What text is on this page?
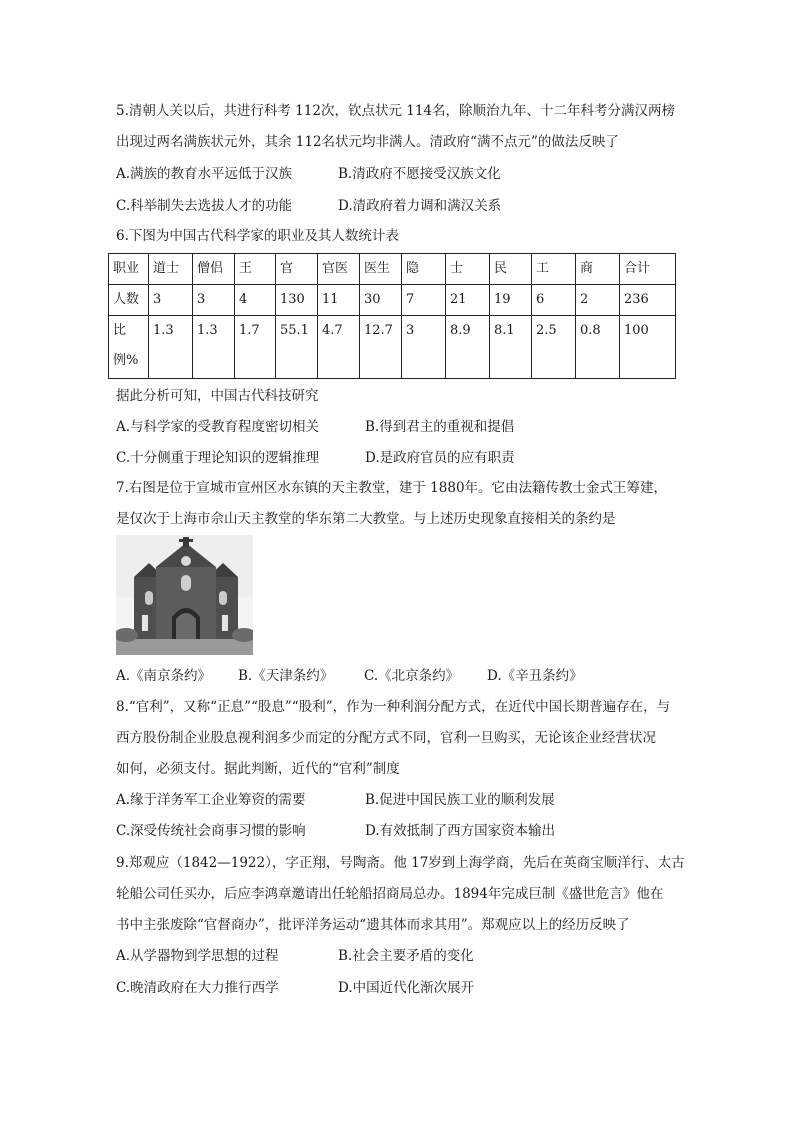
5.清朝人关以后，共进行科考 112次，钦点状元 114名，除顺治九年、十二年科考分满汉两榜
出现过两名满族状元外，其余 112名状元均非满人。清政府“满不点元”的做法反映了
A.满族的教育水平远低于汉族	B.清政府不愿接受汉族文化
C.科举制失去选拔人才的功能	D.清政府着力调和满汉关系
6.下图为中国古代科学家的职业及其人数统计表
职业	道士	僧侣	王	官	官医	医生	隐	士	民	工	商	合计
人数	3	3	4	130	11	30	7	21	19	6	2	236
比例%	1.3	1.3	1.7	55.1	4.7	12.7	3	8.9	8.1	2.5	0.8	100
据此分析可知，中国古代科技研究
A.与科学家的受教育程度密切相关	B.得到君主的重视和提倡
C.十分侧重于理论知识的逻辑推理	D.是政府官员的应有职责
7.右图是位于宣城市宣州区水东镇的天主教堂，建于 1880年。它由法籍传教士金式王筹建，
是仅次于上海市佘山天主教堂的华东第二大教堂。与上述历史现象直接相关的条约是
A.《南京条约》 B.《天津条约》 C.《北京条约》 D.《辛丑条约》
8.“官利”，又称“正息”“股息”“股利”，作为一种利润分配方式，在近代中国长期普遍存在，与
西方股份制企业股息视利润多少而定的分配方式不同，官利一旦购买，无论该企业经营状况
如何，必须支付。据此判断，近代的“官利”制度
A.缘于洋务军工企业筹资的需要	B.促进中国民族工业的顺利发展
C.深受传统社会商事习惯的影响	D.有效抵制了西方国家资本输出
9.郑观应（1842—1922），字正翔，号陶斋。他 17岁到上海学商，先后在英商宝顺洋行、太古
轮船公司任买办，后应李鸿章邀请出任轮船招商局总办。1894年完成巨制《盛世危言》他在
书中主张废除“官督商办”，批评洋务运动“遗其体而求其用”。郑观应以上的经历反映了
A.从学器物到学思想的过程	B.社会主要矛盾的变化
C.晚清政府在大力推行西学	D.中国近代化渐次展开
